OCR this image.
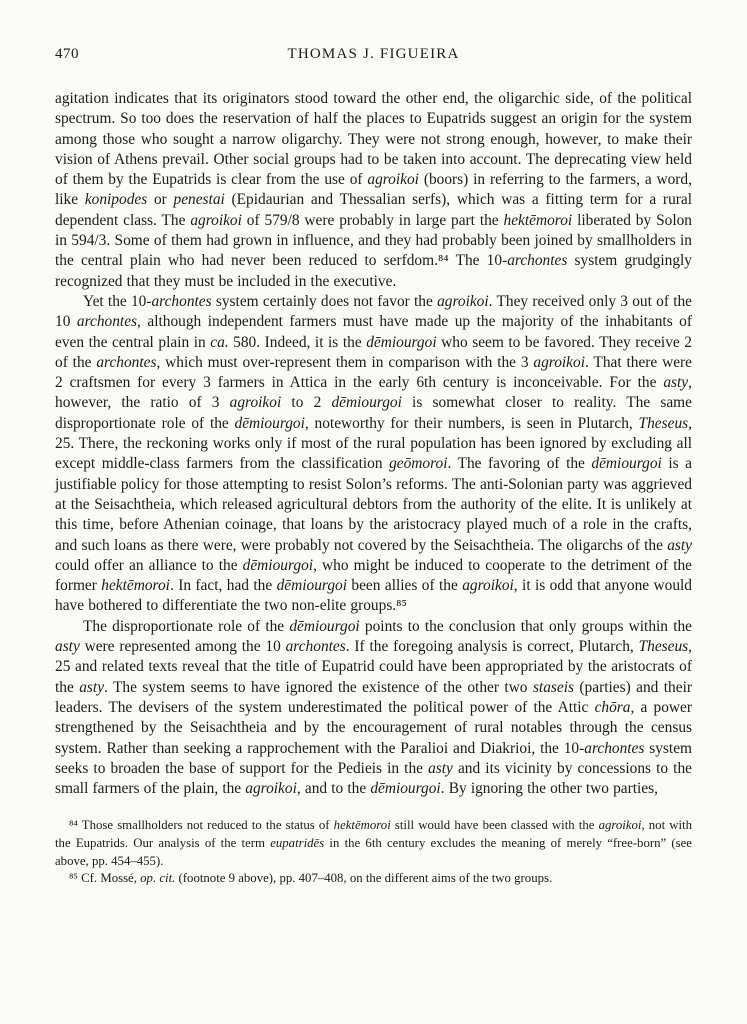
470	THOMAS J. FIGUEIRA

agitation indicates that its originators stood toward the other end, the oligarchic side, of the political spectrum. So too does the reservation of half the places to Eupatrids suggest an origin for the system among those who sought a narrow oligarchy. They were not strong enough, however, to make their vision of Athens prevail. Other social groups had to be taken into account. The deprecating view held of them by the Eupatrids is clear from the use of agroikoi (boors) in referring to the farmers, a word, like konipodes or penestai (Epidaurian and Thessalian serfs), which was a fitting term for a rural dependent class. The agroikoi of 579/8 were probably in large part the hektēmoroi liberated by Solon in 594/3. Some of them had grown in influence, and they had probably been joined by smallholders in the central plain who had never been reduced to serfdom.⁸⁴ The 10-archontes system grudgingly recognized that they must be included in the executive.

Yet the 10-archontes system certainly does not favor the agroikoi. They received only 3 out of the 10 archontes, although independent farmers must have made up the majority of the inhabitants of even the central plain in ca. 580. Indeed, it is the dēmiourgoi who seem to be favored. They receive 2 of the archontes, which must over-represent them in comparison with the 3 agroikoi. That there were 2 craftsmen for every 3 farmers in Attica in the early 6th century is inconceivable. For the asty, however, the ratio of 3 agroikoi to 2 dēmiourgoi is somewhat closer to reality. The same disproportionate role of the dēmiourgoi, noteworthy for their numbers, is seen in Plutarch, Theseus, 25. There, the reckoning works only if most of the rural population has been ignored by excluding all except middle-class farmers from the classification geōmoroi. The favoring of the dēmiourgoi is a justifiable policy for those attempting to resist Solon’s reforms. The anti-Solonian party was aggrieved at the Seisachtheia, which released agricultural debtors from the authority of the elite. It is unlikely at this time, before Athenian coinage, that loans by the aristocracy played much of a role in the crafts, and such loans as there were, were probably not covered by the Seisachtheia. The oligarchs of the asty could offer an alliance to the dēmiourgoi, who might be induced to cooperate to the detriment of the former hektēmoroi. In fact, had the dēmiourgoi been allies of the agroikoi, it is odd that anyone would have bothered to differentiate the two non-elite groups.⁸⁵

The disproportionate role of the dēmiourgoi points to the conclusion that only groups within the asty were represented among the 10 archontes. If the foregoing analysis is correct, Plutarch, Theseus, 25 and related texts reveal that the title of Eupatrid could have been appropriated by the aristocrats of the asty. The system seems to have ignored the existence of the other two staseis (parties) and their leaders. The devisers of the system underestimated the political power of the Attic chōra, a power strengthened by the Seisachtheia and by the encouragement of rural notables through the census system. Rather than seeking a rapprochement with the Paralioi and Diakrioi, the 10-archontes system seeks to broaden the base of support for the Pedieis in the asty and its vicinity by concessions to the small farmers of the plain, the agroikoi, and to the dēmiourgoi. By ignoring the other two parties,

⁸⁴ Those smallholders not reduced to the status of hektēmoroi still would have been classed with the agroikoi, not with the Eupatrids. Our analysis of the term eupatridēs in the 6th century excludes the meaning of merely “free-born” (see above, pp. 454–455).

⁸⁵ Cf. Mossé, op. cit. (footnote 9 above), pp. 407–408, on the different aims of the two groups.
